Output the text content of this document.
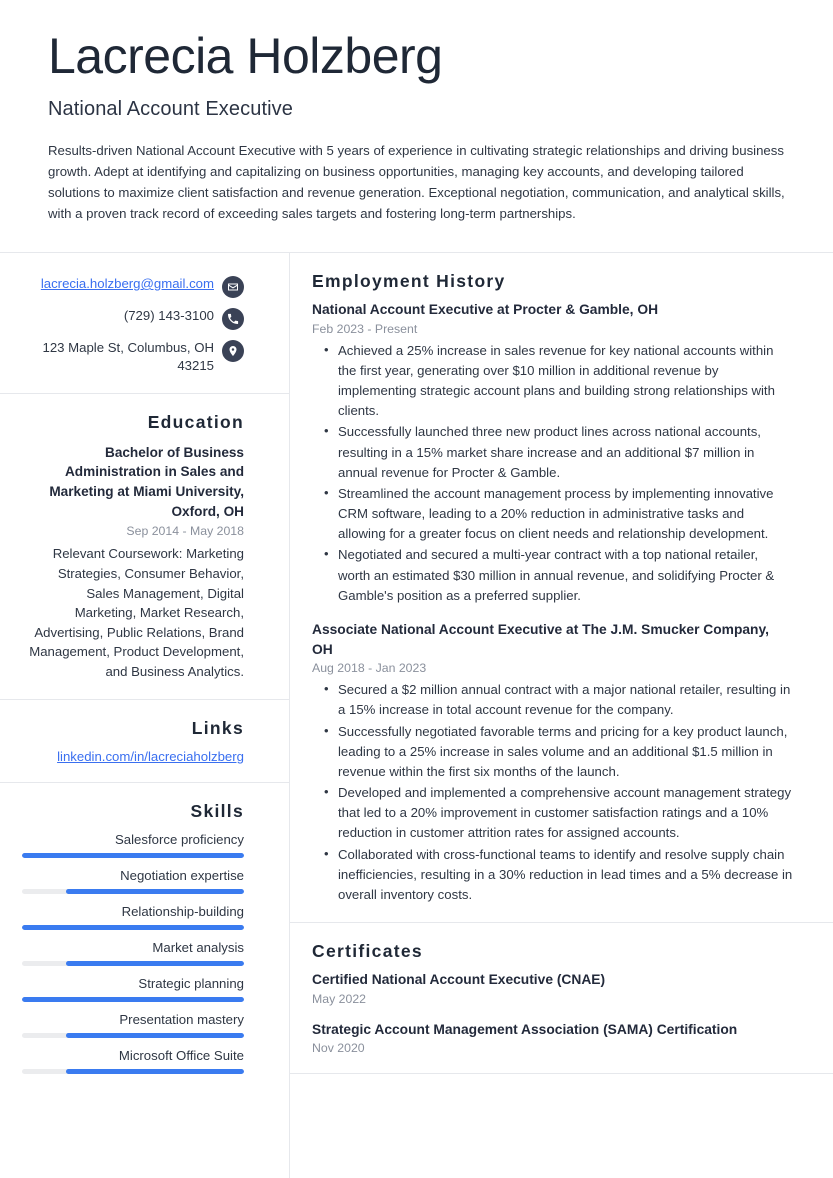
Lacrecia Holzberg
National Account Executive

Results-driven National Account Executive with 5 years of experience in cultivating strategic relationships and driving business growth. Adept at identifying and capitalizing on business opportunities, managing key accounts, and developing tailored solutions to maximize client satisfaction and revenue generation. Exceptional negotiation, communication, and analytical skills, with a proven track record of exceeding sales targets and fostering long-term partnerships.

lacrecia.holzberg@gmail.com
(729) 143-3100
123 Maple St, Columbus, OH 43215
Education
Bachelor of Business Administration in Sales and Marketing at Miami University, Oxford, OH
Sep 2014 - May 2018
Relevant Coursework: Marketing Strategies, Consumer Behavior, Sales Management, Digital Marketing, Market Research, Advertising, Public Relations, Brand Management, Product Development, and Business Analytics.
Links
linkedin.com/in/lacreciaholzberg
Skills
Salesforce proficiency
Negotiation expertise
Relationship-building
Market analysis
Strategic planning
Presentation mastery
Microsoft Office Suite
Employment History
National Account Executive at Procter & Gamble, OH
Feb 2023 - Present
• Achieved a 25% increase in sales revenue for key national accounts within the first year, generating over $10 million in additional revenue by implementing strategic account plans and building strong relationships with clients.
• Successfully launched three new product lines across national accounts, resulting in a 15% market share increase and an additional $7 million in annual revenue for Procter & Gamble.
• Streamlined the account management process by implementing innovative CRM software, leading to a 20% reduction in administrative tasks and allowing for a greater focus on client needs and relationship development.
• Negotiated and secured a multi-year contract with a top national retailer, worth an estimated $30 million in annual revenue, and solidifying Procter & Gamble's position as a preferred supplier.
Associate National Account Executive at The J.M. Smucker Company, OH
Aug 2018 - Jan 2023
• Secured a $2 million annual contract with a major national retailer, resulting in a 15% increase in total account revenue for the company.
• Successfully negotiated favorable terms and pricing for a key product launch, leading to a 25% increase in sales volume and an additional $1.5 million in revenue within the first six months of the launch.
• Developed and implemented a comprehensive account management strategy that led to a 20% improvement in customer satisfaction ratings and a 10% reduction in customer attrition rates for assigned accounts.
• Collaborated with cross-functional teams to identify and resolve supply chain inefficiencies, resulting in a 30% reduction in lead times and a 5% decrease in overall inventory costs.
Certificates
Certified National Account Executive (CNAE)
May 2022
Strategic Account Management Association (SAMA) Certification
Nov 2020
